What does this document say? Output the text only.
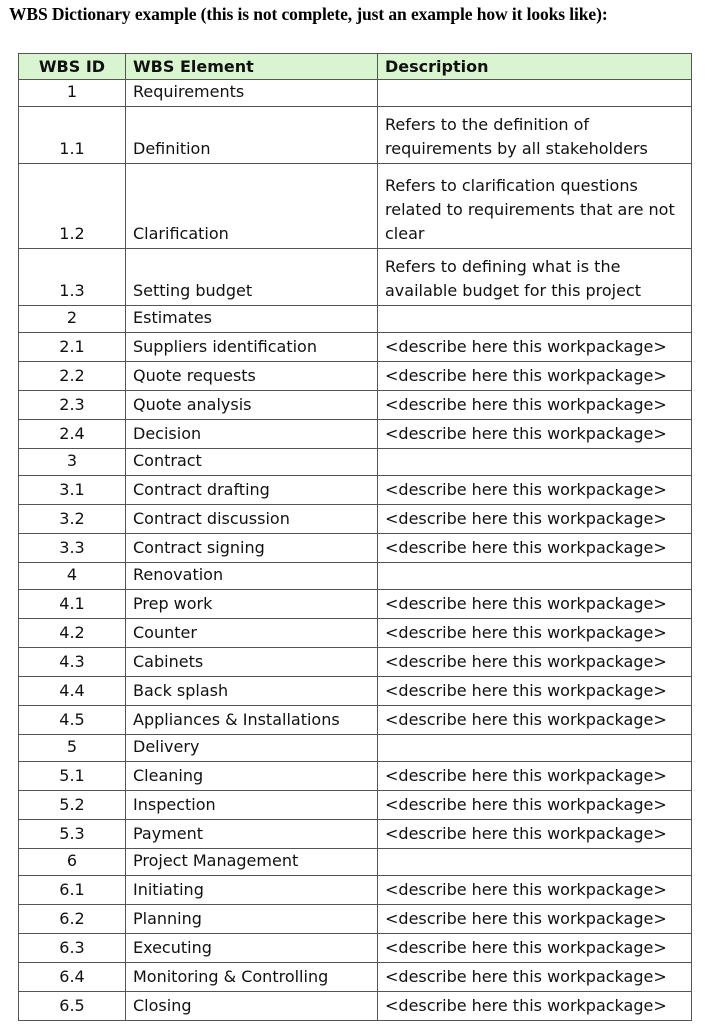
WBS Dictionary example (this is not complete, just an example how it looks like):
WBS ID	WBS Element	Description
1	Requirements	
1.1	Definition	Refers to the definition of requirements by all stakeholders
1.2	Clarification	Refers to clarification questions related to requirements that are not clear
1.3	Setting budget	Refers to defining what is the available budget for this project
2	Estimates	
2.1	Suppliers identification	<describe here this workpackage>
2.2	Quote requests	<describe here this workpackage>
2.3	Quote analysis	<describe here this workpackage>
2.4	Decision	<describe here this workpackage>
3	Contract	
3.1	Contract drafting	<describe here this workpackage>
3.2	Contract discussion	<describe here this workpackage>
3.3	Contract signing	<describe here this workpackage>
4	Renovation	
4.1	Prep work	<describe here this workpackage>
4.2	Counter	<describe here this workpackage>
4.3	Cabinets	<describe here this workpackage>
4.4	Back splash	<describe here this workpackage>
4.5	Appliances & Installations	<describe here this workpackage>
5	Delivery	
5.1	Cleaning	<describe here this workpackage>
5.2	Inspection	<describe here this workpackage>
5.3	Payment	<describe here this workpackage>
6	Project Management	
6.1	Initiating	<describe here this workpackage>
6.2	Planning	<describe here this workpackage>
6.3	Executing	<describe here this workpackage>
6.4	Monitoring & Controlling	<describe here this workpackage>
6.5	Closing	<describe here this workpackage>
